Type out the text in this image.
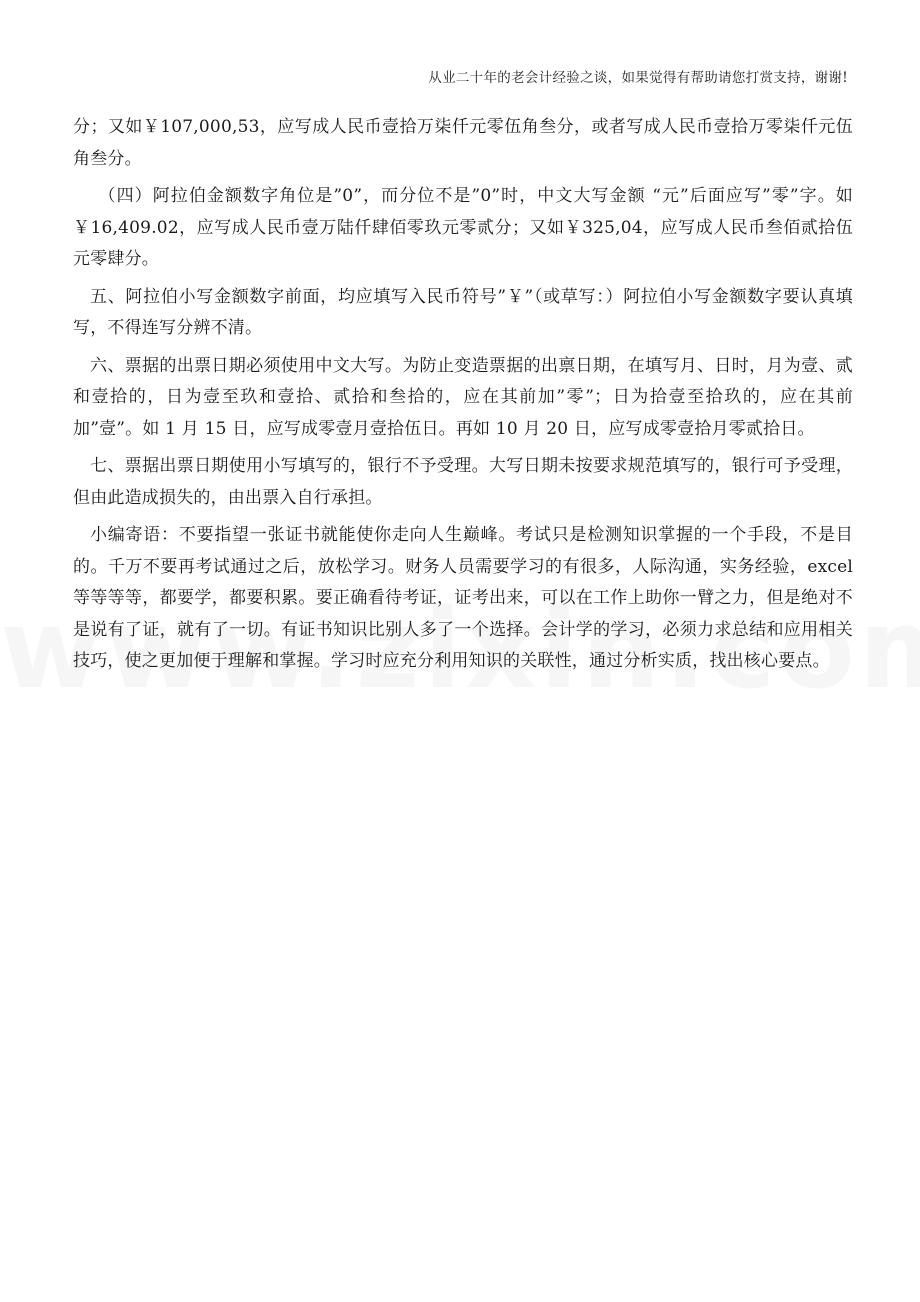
从业二十年的老会计经验之谈，如果觉得有帮助请您打赏支持，谢谢!

分；又如￥107,000,53，应写成人民币壹拾万柒仟元零伍角叁分，或者写成人民币壹拾万零柒仟元伍角叁分。

（四）阿拉伯金额数字角位是”0”，而分位不是”0”时，中文大写金额 “元”后面应写”零”字。如￥16,409.02，应写成人民币壹万陆仟肆佰零玖元零贰分；又如￥325,04，应写成人民币叁佰贰拾伍元零肆分。

五、阿拉伯小写金额数字前面，均应填写入民币符号”￥”（或草写：）阿拉伯小写金额数字要认真填写，不得连写分辨不清。

六、票据的出票日期必须使用中文大写。为防止变造票据的出禀日期，在填写月、日时，月为壹、贰和壹拾的，日为壹至玖和壹拾、贰拾和叁拾的，应在其前加”零”；日为拾壹至拾玖的，应在其前加”壹”。如 1 月 15 日，应写成零壹月壹拾伍日。再如 10 月 20 日，应写成零壹拾月零贰拾日。

七、票据出票日期使用小写填写的，银行不予受理。大写日期未按要求规范填写的，银行可予受理，但由此造成损失的，由出票入自行承担。

小编寄语：不要指望一张证书就能使你走向人生巅峰。考试只是检测知识掌握的一个手段，不是目的。千万不要再考试通过之后，放松学习。财务人员需要学习的有很多，人际沟通，实务经验，excel 等等等等，都要学，都要积累。要正确看待考证，证考出来，可以在工作上助你一臂之力，但是绝对不是说有了证，就有了一切。有证书知识比别人多了一个选择。会计学的学习，必须力求总结和应用相关技巧，使之更加便于理解和掌握。学习时应充分利用知识的关联性，通过分析实质，找出核心要点。
